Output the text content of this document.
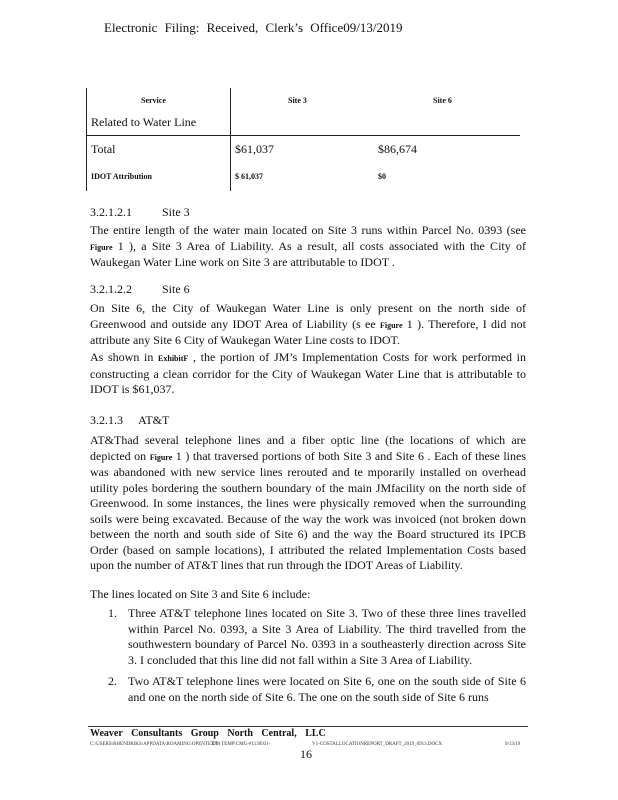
Electronic Filing: Received, Clerk’s Office09/13/2019
Service	Site 3	Site 6
Related to Water Line
Total	$61,037	$86,674
IDOT Attribution	$ 61,037	$0
3.2.1.2.1	Site 3

The entire length of the water main located on Site 3 runs within Parcel No. 0393 (see Figure 1 ), a Site 3 Area of Liability. As a result, all costs associated with the City of Waukegan Water Line work on Site 3 are attributable to IDOT .

3.2.1.2.2	Site 6

On Site 6, the City of Waukegan Water Line is only present on the north side of Greenwood and outside any IDOT Area of Liability (s ee Figure 1 ). Therefore, I did not attribute any Site 6 City of Waukegan Water Line costs to IDOT.

As shown in ExhibitF , the portion of JM’s Implementation Costs for work performed in constructing a clean corridor for the City of Waukegan Water Line that is attributable to IDOT is $61,037.

3.2.1.3 AT&T

AT&Thad several telephone lines and a fiber optic line (the locations of which are depicted on Figure 1 ) that traversed portions of both Site 3 and Site 6 . Each of these lines was abandoned with new service lines rerouted and te mporarily installed on overhead utility poles bordering the southern boundary of the main JMfacility on the north side of Greenwood. In some instances, the lines were physically removed when the surrounding soils were being excavated. Because of the way the work was invoiced (not broken down between the north and south side of Site 6) and the way the Board structured its IPCB Order (based on sample locations), I attributed the related Implementation Costs based upon the number of AT&T lines that run through the IDOT Areas of Liability.

The lines located on Site 3 and Site 6 include:

1. Three AT&T telephone lines located on Site 3. Two of these three lines travelled within Parcel No. 0393, a Site 3 Area of Liability. The third travelled from the southwestern boundary of Parcel No. 0393 in a southeasterly direction across Site 3. I concluded that this line did not fall within a Site 3 Area of Liability.
2. Two AT&T telephone lines were located on Site 6, one on the south side of Site 6 and one on the north side of Site 6. The one on the south side of Site 6 runs
Weaver Consultants Group North Central, LLC
C:\USERS\RHENDRIKS\APPDATA\ROAMING\OPENTEXT
DM TEMP\CMG-#1130931-	V1-COSTALLOCATIONREPORT_DRAFT_2019_0913.DOCX	9/13/19
16
